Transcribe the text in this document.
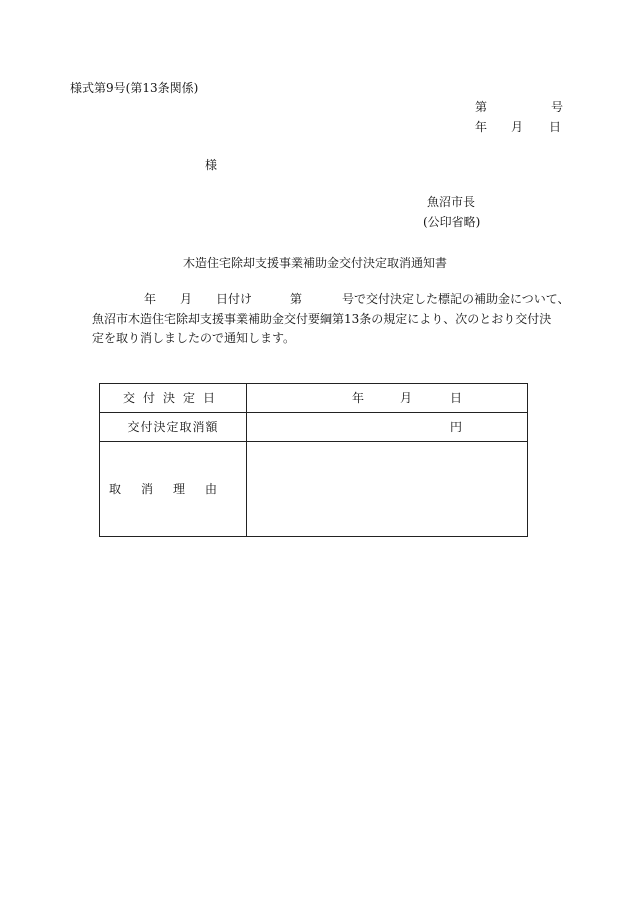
様式第9号(第13条関係)
第	号
年 月 日
様
魚沼市長
(公印省略)
木造住宅除却支援事業補助金交付決定取消通知書
年 月 日付け	第	号で交付決定した標記の補助金について、
魚沼市木造住宅除却支援事業補助金交付要綱第13条の規定により、次のとおり交付決
定を取り消しましたので通知します。
交付決定日	年 月 日

交付決定取消額	円

取消理由	
